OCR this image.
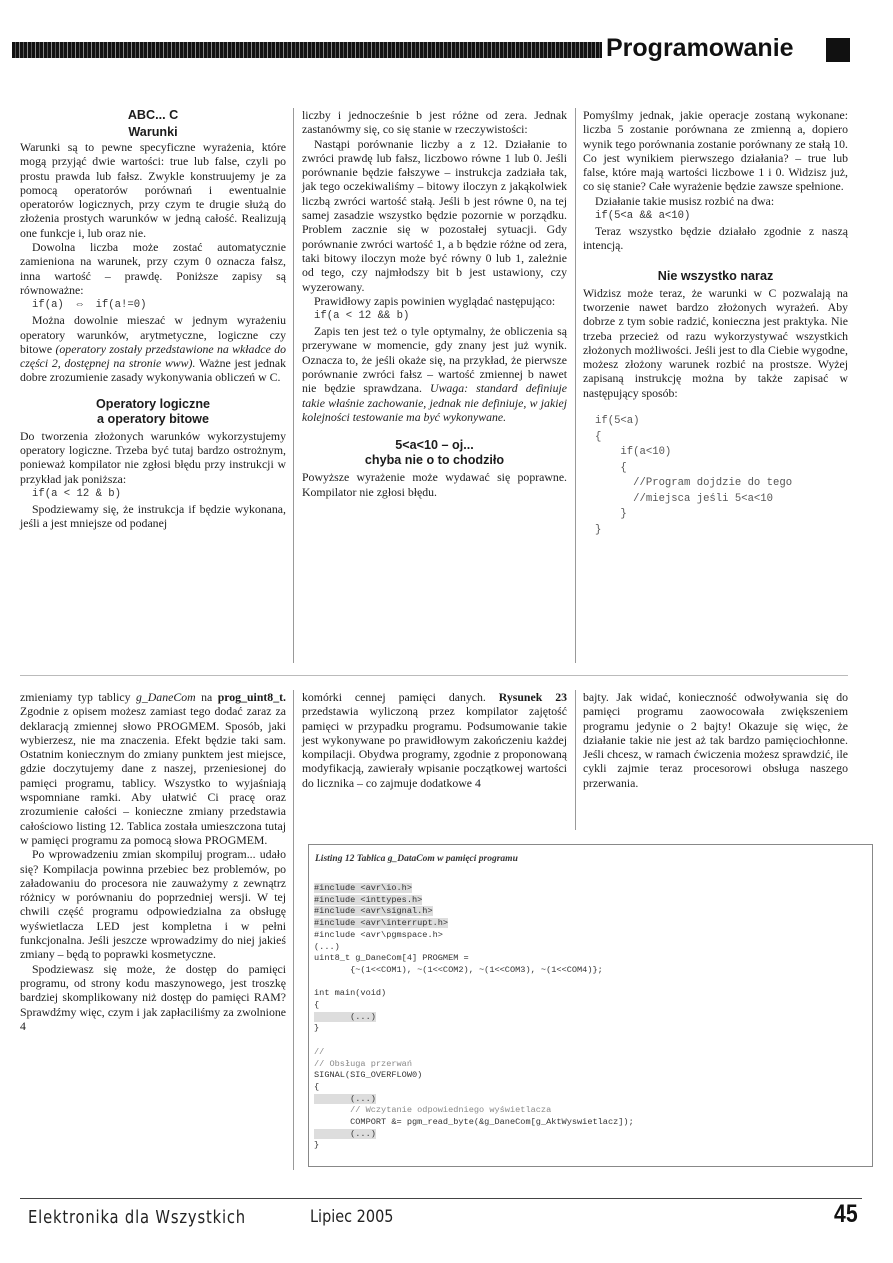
Programowanie
ABC... C
Warunki

Warunki są to pewne specyficzne wyrażenia, które mogą przyjąć dwie wartości: true lub false, czyli po prostu prawda lub fałsz. Zwykle konstruujemy je za pomocą operatorów porównań i ewentualnie operatorów logicznych, przy czym te drugie służą do złożenia prostych warunków w jedną całość. Realizują one funkcje i, lub oraz nie.

Dowolna liczba może zostać automatycznie zamieniona na warunek, przy czym 0 oznacza fałsz, inna wartość – prawdę. Poniższe zapisy są równoważne:

if(a)  ⇔  if(a!=0)

Można dowolnie mieszać w jednym wyrażeniu operatory warunków, arytmetyczne, logiczne czy bitowe (operatory zostały przedstawione na wkładce do części 2, dostępnej na stronie www). Ważne jest jednak dobre zrozumienie zasady wykonywania obliczeń w C.

Operatory logiczne
a operatory bitowe

Do tworzenia złożonych warunków wykorzystujemy operatory logiczne. Trzeba być tutaj bardzo ostrożnym, ponieważ kompilator nie zgłosi błędu przy instrukcji w przykład jak poniższa:

if(a < 12 & b)

Spodziewamy się, że instrukcja if będzie wykonana, jeśli a jest mniejsze od podanej

liczby i jednocześnie b jest różne od zera. Jednak zastanówmy się, co się stanie w rzeczywistości:

Nastąpi porównanie liczby a z 12. Działanie to zwróci prawdę lub fałsz, liczbowo równe 1 lub 0. Jeśli porównanie będzie fałszywe – instrukcja zadziała tak, jak tego oczekiwaliśmy – bitowy iloczyn z jakąkolwiek liczbą zwróci wartość stałą. Jeśli b jest równe 0, na tej samej zasadzie wszystko będzie pozornie w porządku. Problem zacznie się w pozostałej sytuacji. Gdy porównanie zwróci wartość 1, a b będzie różne od zera, taki bitowy iloczyn może być równy 0 lub 1, zależnie od tego, czy najmłodszy bit b jest ustawiony, czy wyzerowany.

Prawidłowy zapis powinien wyglądać następująco:

if(a < 12 && b)

Zapis ten jest też o tyle optymalny, że obliczenia są przerywane w momencie, gdy znany jest już wynik. Oznacza to, że jeśli okaże się, na przykład, że pierwsze porównanie zwróci fałsz – wartość zmiennej b nawet nie będzie sprawdzana. Uwaga: standard definiuje takie właśnie zachowanie, jednak nie definiuje, w jakiej kolejności testowanie ma być wykonywane.

5<a<10 – oj...
chyba nie o to chodziło

Powyższe wyrażenie może wydawać się poprawne. Kompilator nie zgłosi błędu.

Pomyślmy jednak, jakie operacje zostaną wykonane: liczba 5 zostanie porównana ze zmienną a, dopiero wynik tego porównania zostanie porównany ze stałą 10. Co jest wynikiem pierwszego działania? – true lub false, które mają wartości liczbowe 1 i 0. Widzisz już, co się stanie? Całe wyrażenie będzie zawsze spełnione.

Działanie takie musisz rozbić na dwa:

if(5<a && a<10)

Teraz wszystko będzie działało zgodnie z naszą intencją.

Nie wszystko naraz

Widzisz może teraz, że warunki w C pozwalają na tworzenie nawet bardzo złożonych wyrażeń. Aby dobrze z tym sobie radzić, konieczna jest praktyka. Nie trzeba przecież od razu wykorzystywać wszystkich złożonych możliwości. Jeśli jest to dla Ciebie wygodne, możesz złożony warunek rozbić na prostsze. Wyżej zapisaną instrukcję można by także zapisać w następujący sposób:

if(5<a)
{
if(a<10)
{
//Program dojdzie do tego
//miejsca jeśli 5<a<10
}
}

zmieniamy typ tablicy g_DaneCom na prog_uint8_t. Zgodnie z opisem możesz zamiast tego dodać zaraz za deklaracją zmiennej słowo PROGMEM. Sposób, jaki wybierzesz, nie ma znaczenia. Efekt będzie taki sam. Ostatnim koniecznym do zmiany punktem jest miejsce, gdzie doczytujemy dane z naszej, przeniesionej do pamięci programu, tablicy. Wszystko to wyjaśniają wspomniane ramki. Aby ułatwić Ci pracę oraz zrozumienie całości – konieczne zmiany przedstawia całościowo listing 12. Tablica została umieszczona tutaj w pamięci programu za pomocą słowa PROGMEM.

Po wprowadzeniu zmian skompiluj program... udało się? Kompilacja powinna przebiec bez problemów, po załadowaniu do procesora nie zauważymy z zewnątrz różnicy w porównaniu do poprzedniej wersji. W tej chwili część programu odpowiedzialna za obsługę wyświetlacza LED jest kompletna i w pełni funkcjonalna. Jeśli jeszcze wprowadzimy do niej jakieś zmiany – będą to poprawki kosmetyczne.

Spodziewasz się może, że dostęp do pamięci programu, od strony kodu maszynowego, jest troszkę bardziej skomplikowany niż dostęp do pamięci RAM? Sprawdźmy więc, czym i jak zapłaciliśmy za zwolnione 4

komórki cennej pamięci danych. Rysunek 23 przedstawia wyliczoną przez kompilator zajętość pamięci w przypadku programu. Podsumowanie takie jest wykonywane po prawidłowym zakończeniu każdej kompilacji. Obydwa programy, zgodnie z proponowaną modyfikacją, zawierały wpisanie początkowej wartości do licznika – co zajmuje dodatkowe 4

bajty. Jak widać, konieczność odwoływania się do pamięci programu zaowocowała zwiększeniem programu jedynie o 2 bajty! Okazuje się więc, że działanie takie nie jest aż tak bardzo pamięciochłonne. Jeśli chcesz, w ramach ćwiczenia możesz sprawdzić, ile cykli zajmie teraz procesorowi obsługa naszego przerwania.

Listing 12 Tablica g_DataCom w pamięci programu
#include <avr\io.h>
#include <inttypes.h>
#include <avr\signal.h>
#include <avr\interrupt.h>
#include <avr\pgmspace.h>
(...)
uint8_t g_DaneCom[4] PROGMEM =
{~(1<<COM1), ~(1<<COM2), ~(1<<COM3), ~(1<<COM4)};

int main(void)
{
(...)
}

//
// Obsługa przerwań
SIGNAL(SIG_OVERFLOW0)
{
(...)
// Wczytanie odpowiedniego wyświetlacza
COMPORT &= pgm_read_byte(&g_DaneCom[g_AktWyswietlacz]);
(...)
}
Elektronika dla Wszystkich	Lipiec 2005	45
